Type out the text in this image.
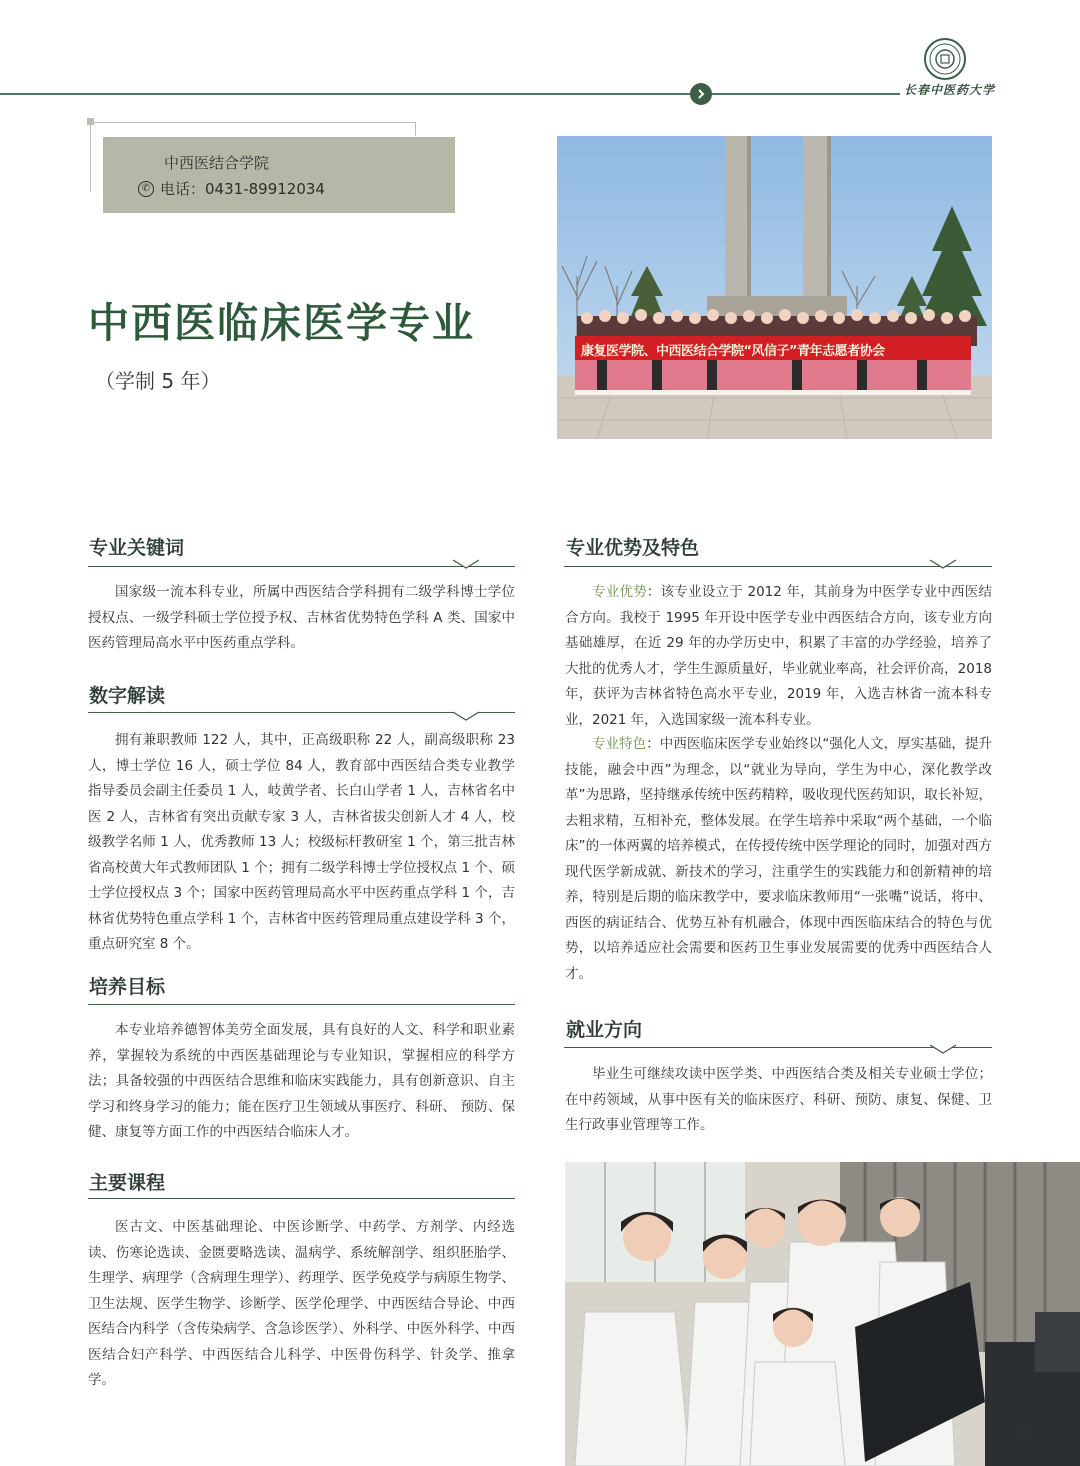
长春中医药大学
中西医结合学院
✆ 电话： 0431-89912034
中西医临床医学专业
（学制 5 年）
康复医学院、中西医结合学院“风信子”青年志愿者协会
专业关键词

国家级一流本科专业，所属中西医结合学科拥有二级学科博士学位授权点、一级学科硕士学位授予权、吉林省优势特色学科 A 类、国家中医药管理局高水平中医药重点学科。

数字解读

拥有兼职教师 122 人，其中，正高级职称 22 人，副高级职称 23 人，博士学位 16 人，硕士学位 84 人，教育部中西医结合类专业教学指导委员会副主任委员 1 人，岐黄学者、长白山学者 1 人，吉林省名中医 2 人，吉林省有突出贡献专家 3 人，吉林省拔尖创新人才 4 人，校级教学名师 1 人，优秀教师 13 人；校级标杆教研室 1 个，第三批吉林省高校黄大年式教师团队 1 个；拥有二级学科博士学位授权点 1 个、硕士学位授权点 3 个；国家中医药管理局高水平中医药重点学科 1 个，吉林省优势特色重点学科 1 个，吉林省中医药管理局重点建设学科 3 个，重点研究室 8 个。

培养目标

本专业培养德智体美劳全面发展，具有良好的人文、科学和职业素养，掌握较为系统的中西医基础理论与专业知识，掌握相应的科学方法；具备较强的中西医结合思维和临床实践能力，具有创新意识、自主学习和终身学习的能力；能在医疗卫生领域从事医疗、科研、 预防、保健、康复等方面工作的中西医结合临床人才。

主要课程

医古文、中医基础理论、中医诊断学、中药学、方剂学、内经选读、伤寒论选读、金匮要略选读、温病学、系统解剖学、组织胚胎学、生理学、病理学（含病理生理学）、药理学、医学免疫学与病原生物学、卫生法规、医学生物学、诊断学、医学伦理学、中西医结合导论、中西医结合内科学（含传染病学、含急诊医学）、外科学、中医外科学、中西医结合妇产科学、中西医结合儿科学、中医骨伤科学、针灸学、推拿学。

专业优势及特色

专业优势：该专业设立于 2012 年，其前身为中医学专业中西医结合方向。我校于 1995 年开设中医学专业中西医结合方向，该专业方向基础雄厚，在近 29 年的办学历史中，积累了丰富的办学经验，培养了大批的优秀人才，学生生源质量好，毕业就业率高，社会评价高，2018 年，获评为吉林省特色高水平专业，2019 年，入选吉林省一流本科专业，2021 年，入选国家级一流本科专业。

专业特色：中西医临床医学专业始终以“强化人文，厚实基础，提升技能，融会中西”为理念，以“就业为导向，学生为中心，深化教学改革”为思路，坚持继承传统中医药精粹，吸收现代医药知识，取长补短，去粗求精，互相补充，整体发展。在学生培养中采取“两个基础，一个临床”的一体两翼的培养模式，在传授传统中医学理论的同时，加强对西方现代医学新成就、新技术的学习，注重学生的实践能力和创新精神的培养，特别是后期的临床教学中，要求临床教师用“一张嘴”说话，将中、西医的病证结合、优势互补有机融合，体现中西医临床结合的特色与优势，以培养适应社会需要和医药卫生事业发展需要的优秀中西医结合人才。

就业方向

毕业生可继续攻读中医学类、中西医结合类及相关专业硕士学位；在中药领域，从事中医有关的临床医疗、科研、预防、康复、保健、卫生行政事业管理等工作。

38
